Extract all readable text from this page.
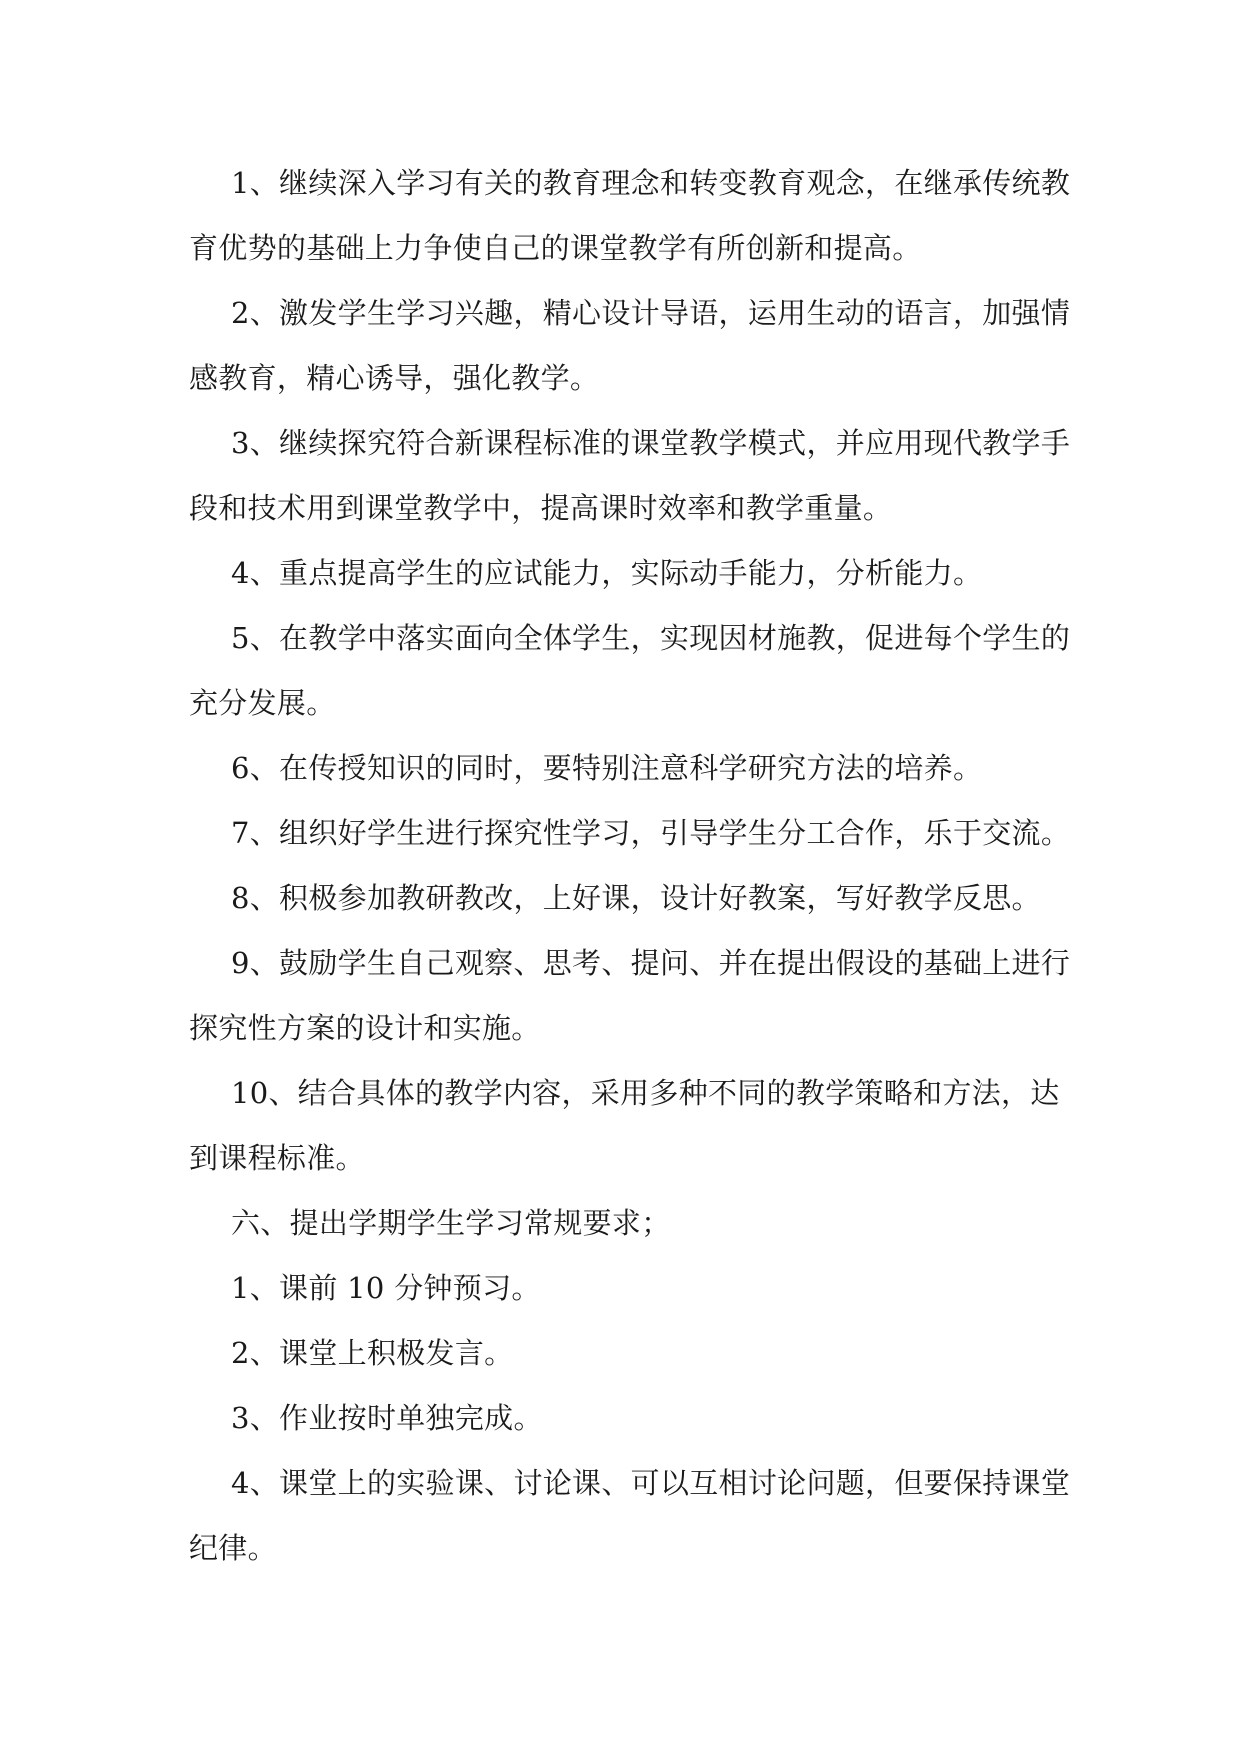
1、继续深入学习有关的教育理念和转变教育观念，在继承传统教
育优势的基础上力争使自己的课堂教学有所创新和提高。
2、激发学生学习兴趣，精心设计导语，运用生动的语言，加强情
感教育，精心诱导，强化教学。
3、继续探究符合新课程标准的课堂教学模式，并应用现代教学手
段和技术用到课堂教学中，提高课时效率和教学重量。
4、重点提高学生的应试能力，实际动手能力，分析能力。
5、在教学中落实面向全体学生，实现因材施教，促进每个学生的
充分发展。
6、在传授知识的同时，要特别注意科学研究方法的培养。
7、组织好学生进行探究性学习，引导学生分工合作，乐于交流。
8、积极参加教研教改，上好课，设计好教案，写好教学反思。
9、鼓励学生自己观察、思考、提问、并在提出假设的基础上进行
探究性方案的设计和实施。
10、结合具体的教学内容，采用多种不同的教学策略和方法，达
到课程标准。
六、提出学期学生学习常规要求；
1、课前 10 分钟预习。
2、课堂上积极发言。
3、作业按时单独完成。
4、课堂上的实验课、讨论课、可以互相讨论问题，但要保持课堂
纪律。
